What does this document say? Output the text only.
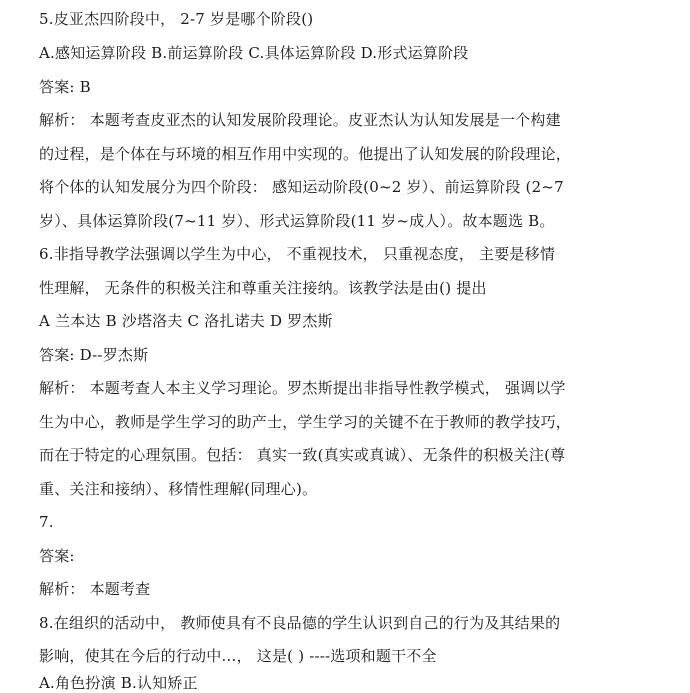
5.皮亚杰四阶段中， 2-7 岁是哪个阶段()
A.感知运算阶段 B.前运算阶段 C.具体运算阶段 D.形式运算阶段
答案: B
解析： 本题考查皮亚杰的认知发展阶段理论。皮亚杰认为认知发展是一个构建
的过程，是个体在与环境的相互作用中实现的。他提出了认知发展的阶段理论，
将个体的认知发展分为四个阶段： 感知运动阶段(0~2 岁）、前运算阶段 (2~7
岁）、具体运算阶段(7~11 岁）、形式运算阶段(11 岁~成人）。故本题选 B。
6.非指导教学法强调以学生为中心， 不重视技术， 只重视态度， 主要是移情
性理解， 无条件的积极关注和尊重关注接纳。该教学法是由() 提出
A 兰本达 B 沙塔洛夫 C 洛扎诺夫 D 罗杰斯
答案: D--罗杰斯
解析： 本题考查人本主义学习理论。罗杰斯提出非指导性教学模式， 强调以学
生为中心，教师是学生学习的助产士，学生学习的关键不在于教师的教学技巧，
而在于特定的心理氛围。包括： 真实一致(真实或真诚）、无条件的积极关注(尊
重、关注和接纳）、移情性理解(同理心)。
7.
答案:
解析： 本题考查
8.在组织的活动中， 教师使具有不良品德的学生认识到自己的行为及其结果的
影响，使其在今后的行动中…， 这是( ) ----选项和题干不全
A.角色扮演 B.认知矫正
